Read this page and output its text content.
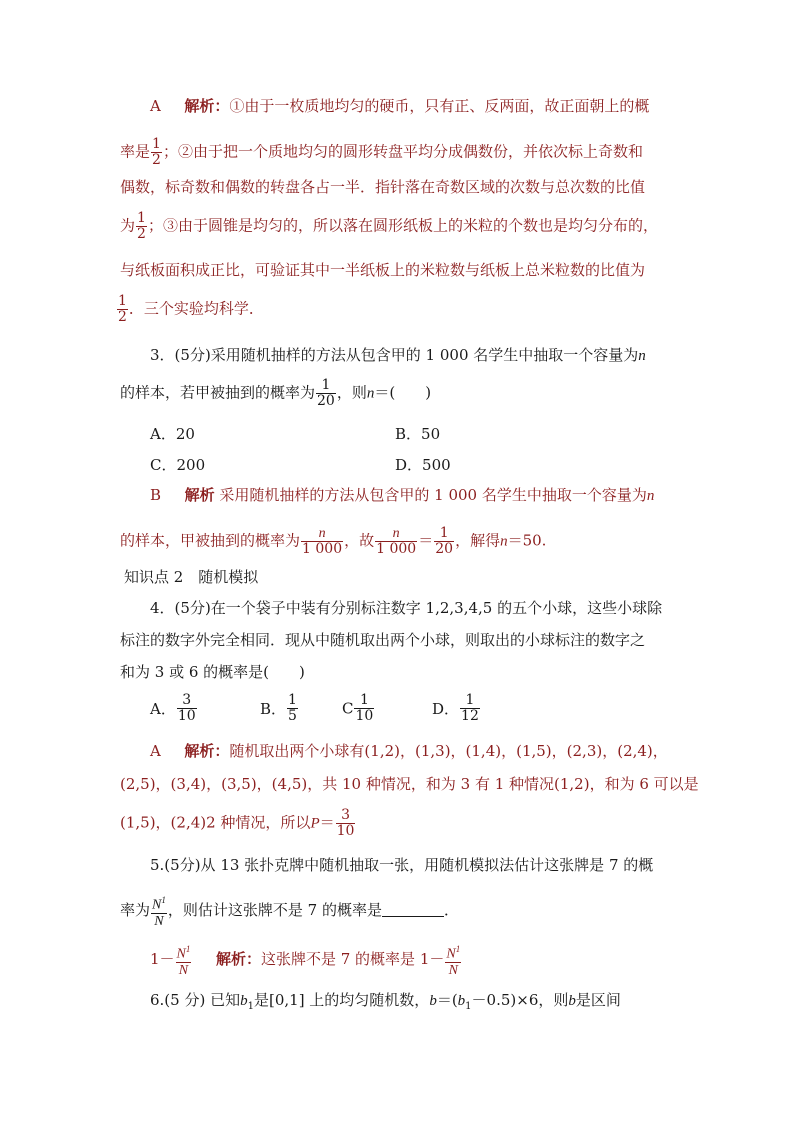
A 解析：①由于一枚质地均匀的硬币，只有正、反两面，故正面朝上的概
率是 $\frac{1}{2}$ ；②由于把一个质地均匀的圆形转盘平均分成偶数份，并依次标上奇数和
偶数，标奇数和偶数的转盘各占一半．指针落在奇数区域的次数与总次数的比值
为 $\frac{1}{2}$ ；③由于圆锥是均匀的，所以落在圆形纸板上的米粒的个数也是均匀分布的，
与纸板面积成正比，可验证其中一半纸板上的米粒数与纸板上总米粒数的比值为
$\frac{1}{2}$ ．三个实验均科学．
3．(5分)采用随机抽样的方法从包含甲的 1 000 名学生中抽取一个容量为n
的样本，若甲被抽到的概率为 $\frac{1}{20}$ ，则n＝(　　)
A．20	B．50
C．200	D．500
B 解析 采用随机抽样的方法从包含甲的 1 000 名学生中抽取一个容量为n
的样本，甲被抽到的概率为 $\frac{n}{1 000}$ ，故 $\frac{n}{1 000} = \frac{1}{20}$ ，解得n＝50.
知识点 2　随机模拟
4．(5分)在一个袋子中装有分别标注数字 1,2,3,4,5 的五个小球，这些小球除
标注的数字外完全相同．现从中随机取出两个小球，则取出的小球标注的数字之
和为 3 或 6 的概率是(　　)
A． $\frac{3}{10}$	B． $\frac{1}{5}$	C $\frac{1}{10}$	D． $\frac{1}{12}$
A 解析：随机取出两个小球有(1,2)，(1,3)，(1,4)，(1,5)，(2,3)，(2,4)，
(2,5)，(3,4)，(3,5)，(4,5)，共 10 种情况，和为 3 有 1 种情况(1,2)，和为 6 可以是
(1,5)，(2,4)2 种情况，所以$P= \frac{3}{10}$
5.(5分)从 13 张扑克牌中随机抽取一张，用随机模拟法估计这张牌是 7 的概
率为 $\frac{N^1}{N}$ ，则估计这张牌不是 7 的概率是	．
$1- \frac{N^1}{N}$ 解析：这张牌不是 7 的概率是 $1- \frac{N^1}{N}$
6.(5 分) 已知$b_1$是[0,1] 上的均匀随机数，$b=(b_1-0.5)\times 6$，则b是区间
